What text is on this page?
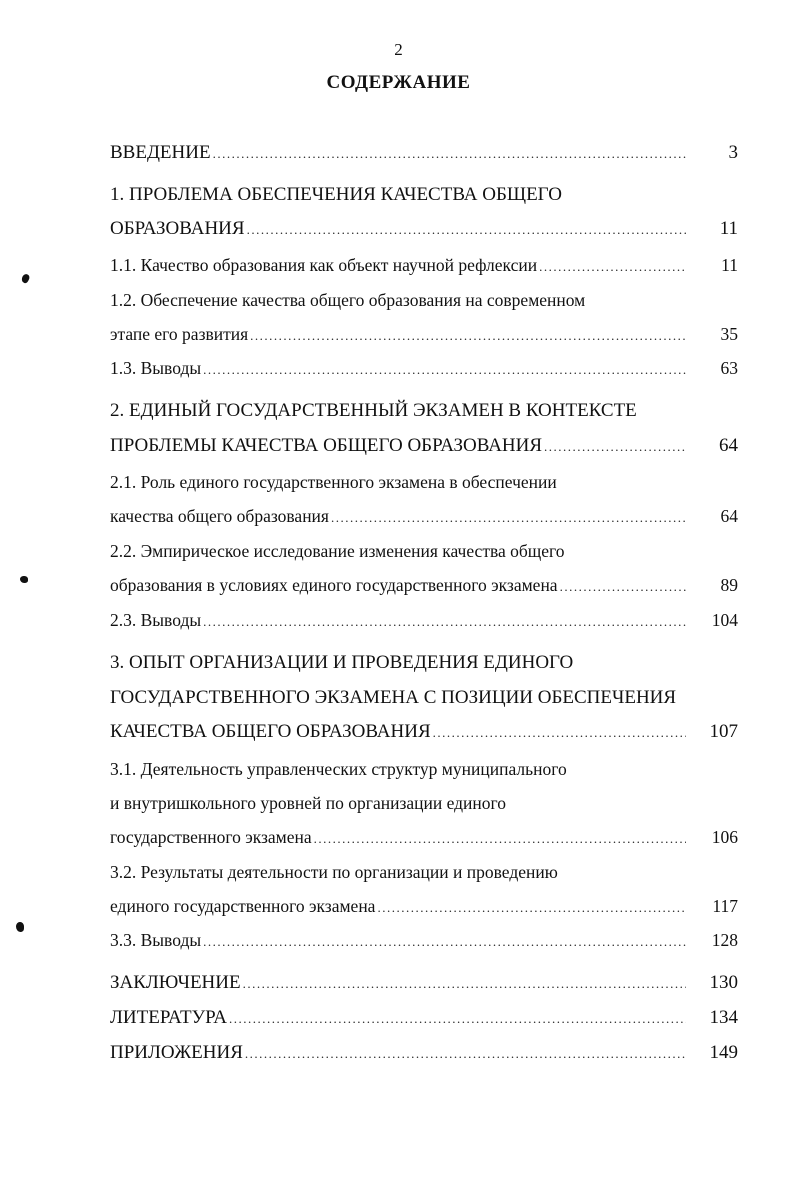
2
СОДЕРЖАНИЕ
ВВЕДЕНИЕ .....	3
1. ПРОБЛЕМА ОБЕСПЕЧЕНИЯ КАЧЕСТВА ОБЩЕГО
ОБРАЗОВАНИЯ .....	11
1.1. Качество образования как объект научной рефлексии .....	11
1.2. Обеспечение качества общего образования на современном
этапе его развития .....	35
1.3. Выводы .....	63
2. ЕДИНЫЙ ГОСУДАРСТВЕННЫЙ ЭКЗАМЕН В КОНТЕКСТЕ
ПРОБЛЕМЫ КАЧЕСТВА ОБЩЕГО ОБРАЗОВАНИЯ .....	64
2.1. Роль единого государственного экзамена в обеспечении
качества общего образования .....	64
2.2. Эмпирическое исследование изменения качества общего
образования в условиях единого государственного экзамена .....	89
2.3. Выводы .....	104
3. ОПЫТ ОРГАНИЗАЦИИ И ПРОВЕДЕНИЯ ЕДИНОГО
ГОСУДАРСТВЕННОГО ЭКЗАМЕНА С ПОЗИЦИИ ОБЕСПЕЧЕНИЯ
КАЧЕСТВА ОБЩЕГО ОБРАЗОВАНИЯ .....	107
3.1. Деятельность управленческих структур муниципального
и внутришкольного уровней по организации единого
государственного экзамена .....	106
3.2. Результаты деятельности по организации и проведению
единого государственного экзамена .....	117
3.3. Выводы .....	128
ЗАКЛЮЧЕНИЕ .....	130
ЛИТЕРАТУРА .....	134
ПРИЛОЖЕНИЯ .....	149
